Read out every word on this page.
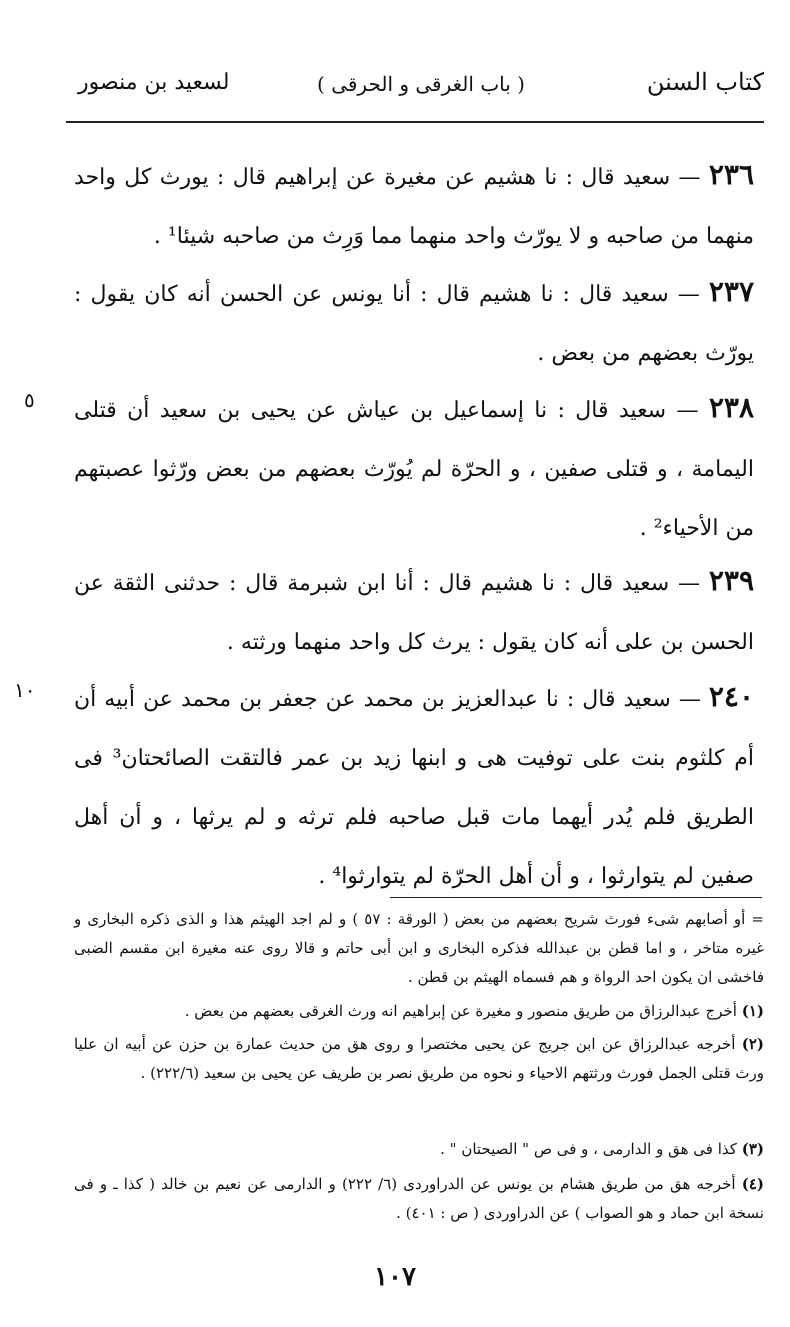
كتاب السنن
( باب الغرقى و الحرقى )
لسعيد بن منصور
٢٣٦ — سعيد قال : نا هشيم عن مغيرة عن إبراهيم قال : يورث كل واحد منهما من صاحبه و لا يورّث واحد منهما مما وَرِث من صاحبه شيئا¹ .
٢٣٧ — سعيد قال : نا هشيم قال : أنا يونس عن الحسن أنه كان يقول : يورّث بعضهم من بعض .
٢٣٨ — سعيد قال : نا إسماعيل بن عياش عن يحيى بن سعيد أن قتلى اليمامة ، و قتلى صفين ، و الحرّة لم يُورّث بعضهم من بعض ورّثوا عصبتهم من الأحياء² .
٥
٢٣٩ — سعيد قال : نا هشيم قال : أنا ابن شبرمة قال : حدثنى الثقة عن الحسن بن على أنه كان يقول : يرث كل واحد منهما ورثته .
٢٤٠ — سعيد قال : نا عبدالعزيز بن محمد عن جعفر بن محمد عن أبيه أن أم كلثوم بنت على توفيت هى و ابنها زيد بن عمر فالتقت الصائحتان³ فى الطريق فلم يُدر أيهما مات قبل صاحبه فلم ترثه و لم يرثها ، و أن أهل صفين لم يتوارثوا ، و أن أهل الحرّة لم يتوارثوا⁴ .
١٠
= أو أصابهم شىء فورث شريح بعضهم من بعض ( الورقة : ٥٧ ) و لم اجد الهيثم هذا و الذى ذكره البخارى و غيره متاخر ، و اما قطن بن عبدالله فذكره البخارى و ابن أبى حاتم و قالا روى عنه مغيرة ابن مقسم الضبى فاخشى ان يكون احد الرواة و هم فسماه الهيثم بن قطن .
(١) أخرج عبدالرزاق من طريق منصور و مغيرة عن إبراهيم انه ورث الغرقى بعضهم من بعض .
(٢) أخرجه عبدالرزاق عن ابن جريج عن يحيى مختصرا و روى هق من حديث عمارة بن حزن عن أبيه ان عليا ورث قتلى الجمل فورث ورثتهم الاحياء و نحوه من طريق نصر بن طريف عن يحيى بن سعيد (٢٢٢/٦) .
(٣) كذا فى هق و الدارمى ، و فى ص " الصيحتان " .
(٤) أخرجه هق من طريق هشام بن يونس عن الدراوردى (٦/ ٢٢٢) و الدارمى عن نعيم بن خالد ( كذا ـ و فى نسخة ابن حماد و هو الصواب ) عن الدراوردى ( ص : ٤٠١) .
١٠٧
